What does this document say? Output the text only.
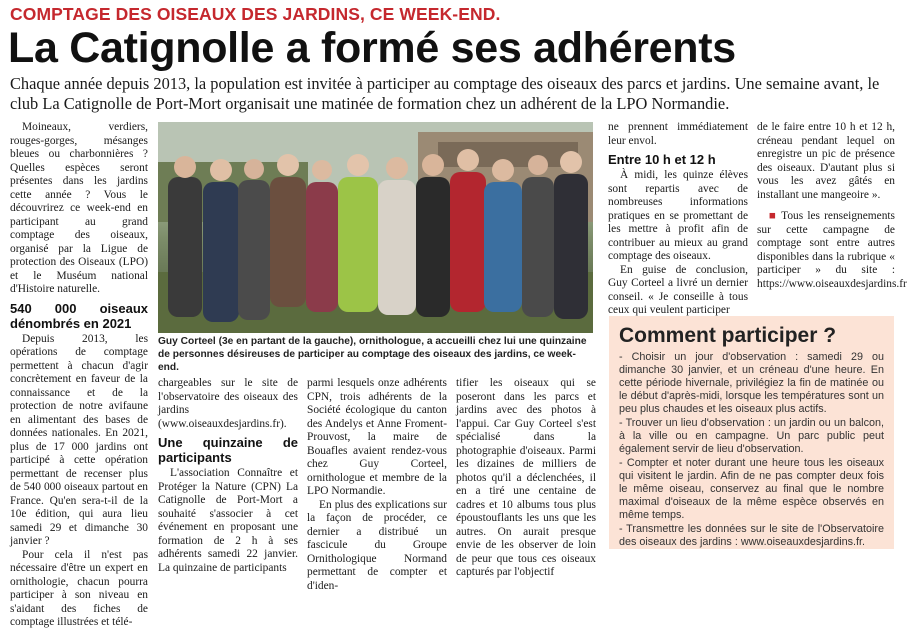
COMPTAGE DES OISEAUX DES JARDINS, CE WEEK-END.
La Catignolle a formé ses adhérents
Chaque année depuis 2013, la population est invitée à participer au comptage des oiseaux des parcs et jardins. Une semaine avant, le club La Catignolle de Port-Mort organisait une matinée de formation chez un adhérent de la LPO Normandie.

Moineaux, verdiers, rouges-gorges, mésanges bleues ou charbonnières ? Quelles espèces seront présentes dans les jardins cette année ? Vous le découvrirez ce week-end en participant au grand comptage des oiseaux, organisé par la Ligue de protection des Oiseaux (LPO) et le Muséum national d'Histoire naturelle.

540 000 oiseaux dénombrés en 2021

Depuis 2013, les opérations de comptage permettent à chacun d'agir concrètement en faveur de la connaissance et de la protection de notre avifaune en alimentant des bases de données nationales. En 2021, plus de 17 000 jardins ont participé à cette opération permettant de recenser plus de 540 000 oiseaux partout en France. Qu'en sera-t-il de la 10e édition, qui aura lieu samedi 29 et dimanche 30 janvier ?

Pour cela il n'est pas nécessaire d'être un expert en ornithologie, chacun pourra participer à son niveau en s'aidant des fiches de comptage illustrées et télé-

Guy Corteel (3e en partant de la gauche), ornithologue, a accueilli chez lui une quinzaine de personnes désireuses de participer au comptage des oiseaux des jardins, ce week-end.

chargeables sur le site de l'observatoire des oiseaux des jardins (www.oiseauxdesjardins.fr).

Une quinzaine de participants

L'association Connaître et Protéger la Nature (CPN) La Catignolle de Port-Mort a souhaité s'associer à cet événement en proposant une formation de 2 h à ses adhérents samedi 22 janvier. La quinzaine de participants

parmi lesquels onze adhérents CPN, trois adhérents de la Société écologique du canton des Andelys et Anne Froment-Prouvost, la maire de Bouafles avaient rendez-vous chez Guy Corteel, ornithologue et membre de la LPO Normandie.

En plus des explications sur la façon de procéder, ce dernier a distribué un fascicule du Groupe Ornithologique Normand permettant de compter et d'iden-

tifier les oiseaux qui se poseront dans les parcs et jardins avec des photos à l'appui. Car Guy Corteel s'est spécialisé dans la photographie d'oiseaux. Parmi les dizaines de milliers de photos qu'il a déclenchées, il en a tiré une centaine de cadres et 10 albums tous plus époustouflants les uns que les autres. On aurait presque envie de les observer de loin de peur que tous ces oiseaux capturés par l'objectif

ne prennent immédiatement leur envol.

Entre 10 h et 12 h

À midi, les quinze élèves sont repartis avec de nombreuses informations pratiques en se promettant de les mettre à profit afin de contribuer au mieux au grand comptage des oiseaux.

En guise de conclusion, Guy Corteel a livré un dernier conseil. « Je conseille à tous ceux qui veulent participer

de le faire entre 10 h et 12 h, créneau pendant lequel on enregistre un pic de présence des oiseaux. D'autant plus si vous les avez gâtés en installant une mangeoire ».

■ Tous les renseignements sur cette campagne de comptage sont entre autres disponibles dans la rubrique « participer » du site : https://www.oiseauxdesjardins.fr

Comment participer ?

- Choisir un jour d'observation : samedi 29 ou dimanche 30 janvier, et un créneau d'une heure. En cette période hivernale, privilégiez la fin de matinée ou le début d'après-midi, lorsque les températures sont un peu plus chaudes et les oiseaux plus actifs.

- Trouver un lieu d'observation : un jardin ou un balcon, à la ville ou en campagne. Un parc public peut également servir de lieu d'observation.

- Compter et noter durant une heure tous les oiseaux qui visitent le jardin. Afin de ne pas compter deux fois le même oiseau, conservez au final que le nombre maximal d'oiseaux de la même espèce observés en même temps.

- Transmettre les données sur le site de l'Observatoire des oiseaux des jardins : www.oiseauxdesjardins.fr.
